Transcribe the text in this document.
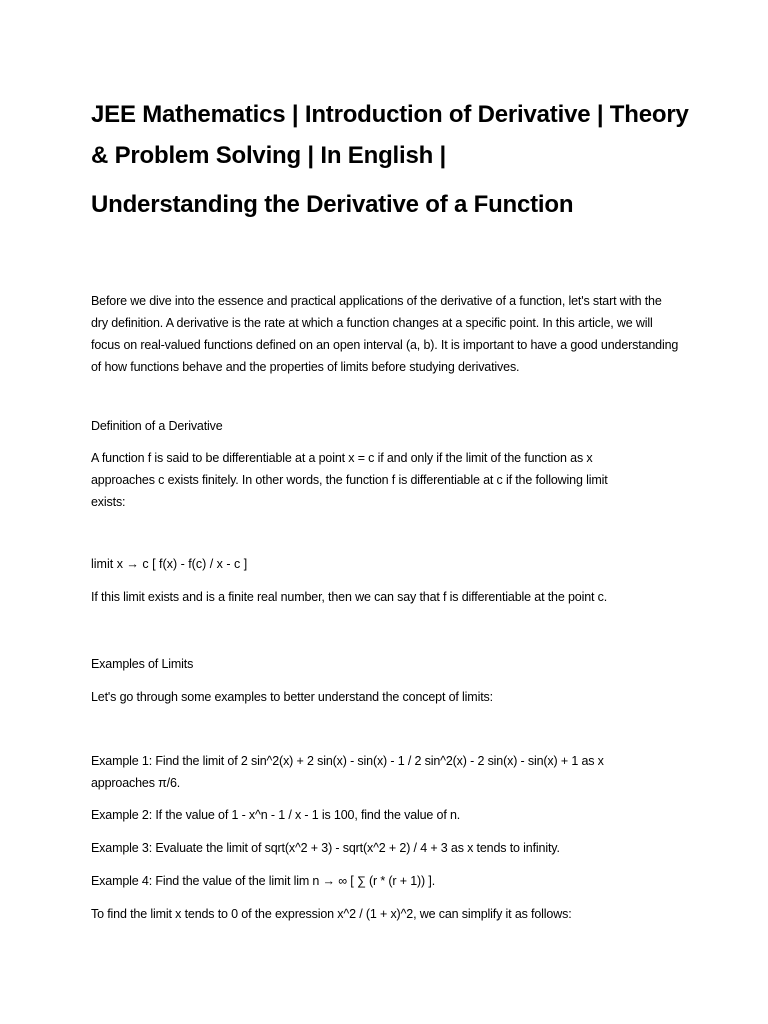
JEE Mathematics | Introduction of Derivative | Theory & Problem Solving | In English |
Understanding the Derivative of a Function

Before we dive into the essence and practical applications of the derivative of a function, let's start with the dry definition. A derivative is the rate at which a function changes at a specific point. In this article, we will focus on real-valued functions defined on an open interval (a, b). It is important to have a good understanding of how functions behave and the properties of limits before studying derivatives.

Definition of a Derivative

A function f is said to be differentiable at a point x = c if and only if the limit of the function as x approaches c exists finitely. In other words, the function f is differentiable at c if the following limit exists:

limit x → c [ f(x) - f(c) / x - c ]

If this limit exists and is a finite real number, then we can say that f is differentiable at the point c.

Examples of Limits

Let's go through some examples to better understand the concept of limits:

Example 1: Find the limit of 2 sin^2(x) + 2 sin(x) - sin(x) - 1 / 2 sin^2(x) - 2 sin(x) - sin(x) + 1 as x approaches π/6.

Example 2: If the value of 1 - x^n - 1 / x - 1 is 100, find the value of n.

Example 3: Evaluate the limit of sqrt(x^2 + 3) - sqrt(x^2 + 2) / 4 + 3 as x tends to infinity.

Example 4: Find the value of the limit lim n → ∞ [ ∑ (r * (r + 1)) ].

To find the limit x tends to 0 of the expression x^2 / (1 + x)^2, we can simplify it as follows:
